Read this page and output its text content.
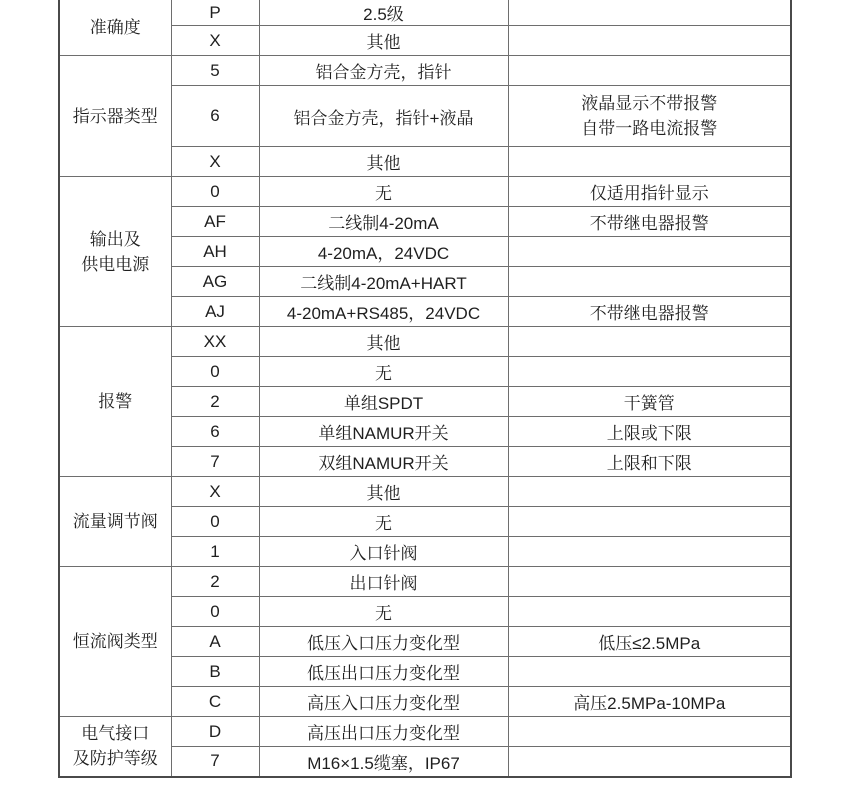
准确度	P	2.5级	
	X	其他	

指示器类型	5	铝合金方壳，指针	
	6	铝合金方壳，指针+液晶	液晶显示不带报警
自带一路电流报警

	X	其他	

输出及
供电电源	0	无	仅适用指针显示
	AF	二线制4-20mA	不带继电器报警
	AH	4-20mA，24VDC	
	AG	二线制4-20mA+HART	
	AJ	4-20mA+RS485，24VDC	不带继电器报警

报警	XX	其他	
	0	无	
	2	单组SPDT	干簧管
	6	单组NAMUR开关	上限或下限
	7	双组NAMUR开关	上限和下限

流量调节阀	X	其他	
	0	无	
	1	入口针阀	

恒流阀类型	2	出口针阀	
	0	无	
	A	低压入口压力变化型	低压≤2.5MPa
	B	低压出口压力变化型	
	C	高压入口压力变化型	高压2.5MPa-10MPa

电气接口
及防护等级	D	高压出口压力变化型	
	7	M16×1.5缆塞，IP67	
